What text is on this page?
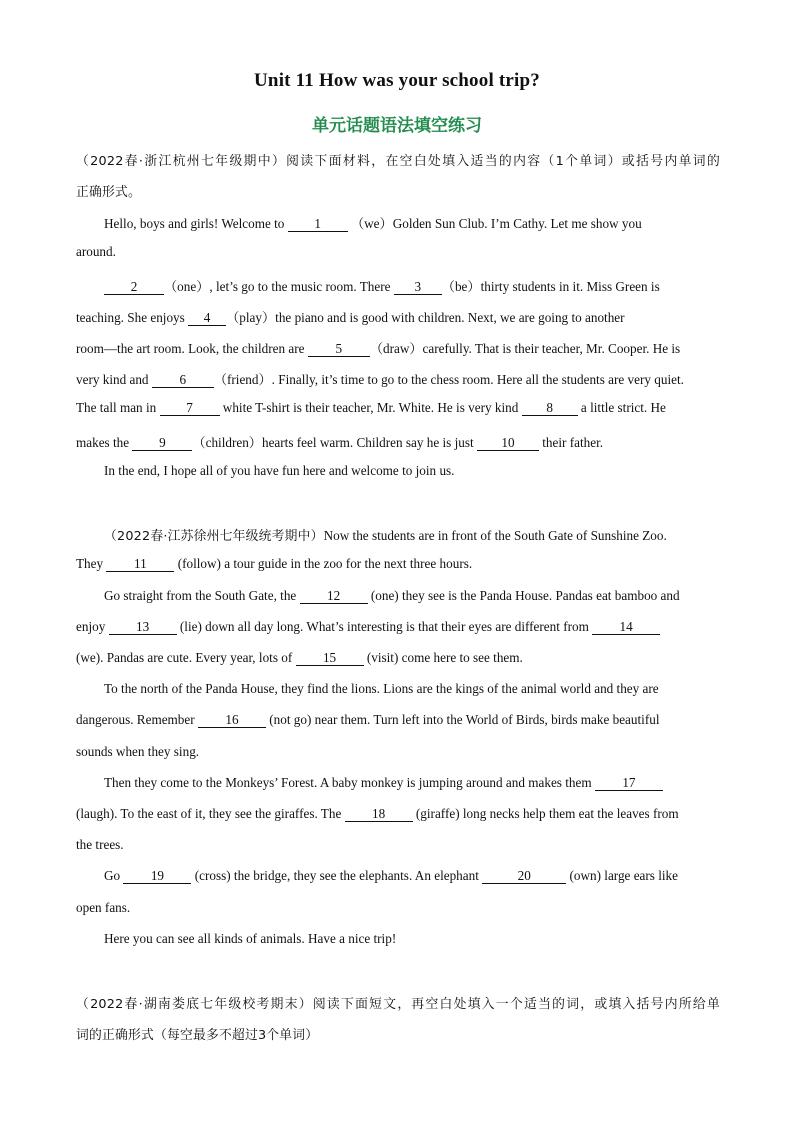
Unit 11 How was your school trip?
单元话题语法填空练习
（2022春·浙江杭州七年级期中）阅读下面材料，在空白处填入适当的内容（1个单词）或括号内单词的
正确形式。
Hello, boys and girls! Welcome to 1 （we）Golden Sun Club. I’m Cathy. Let me show you
around.
2 （one）, let’s go to the music room. There 3 （be）thirty students in it. Miss Green is
teaching. She enjoys 4 （play）the piano and is good with children. Next, we are going to another
room—the art room. Look, the children are 5 （draw）carefully. That is their teacher, Mr. Cooper. He is
very kind and 6 （friend）. Finally, it’s time to go to the chess room. Here all the students are very quiet.
The tall man in 7 white T-shirt is their teacher, Mr. White. He is very kind 8 a little strict. He
makes the 9 （children）hearts feel warm. Children say he is just 10 their father.
In the end, I hope all of you have fun here and welcome to join us.
（2022春·江苏徐州七年级统考期中）Now the students are in front of the South Gate of Sunshine Zoo.
They 11 (follow) a tour guide in the zoo for the next three hours.
Go straight from the South Gate, the 12 (one) they see is the Panda House. Pandas eat bamboo and
enjoy 13 (lie) down all day long. What’s interesting is that their eyes are different from 14
(we). Pandas are cute. Every year, lots of 15 (visit) come here to see them.
To the north of the Panda House, they find the lions. Lions are the kings of the animal world and they are
dangerous. Remember 16 (not go) near them. Turn left into the World of Birds, birds make beautiful
sounds when they sing.
Then they come to the Monkeys’ Forest. A baby monkey is jumping around and makes them 17
(laugh). To the east of it, they see the giraffes. The 18 (giraffe) long necks help them eat the leaves from
the trees.
Go 19 (cross) the bridge, they see the elephants. An elephant	20	(own) large ears like
open fans.
Here you can see all kinds of animals. Have a nice trip!
（2022春·湖南娄底七年级校考期末）阅读下面短文，再空白处填入一个适当的词，或填入括号内所给单
词的正确形式（每空最多不超过3个单词）
